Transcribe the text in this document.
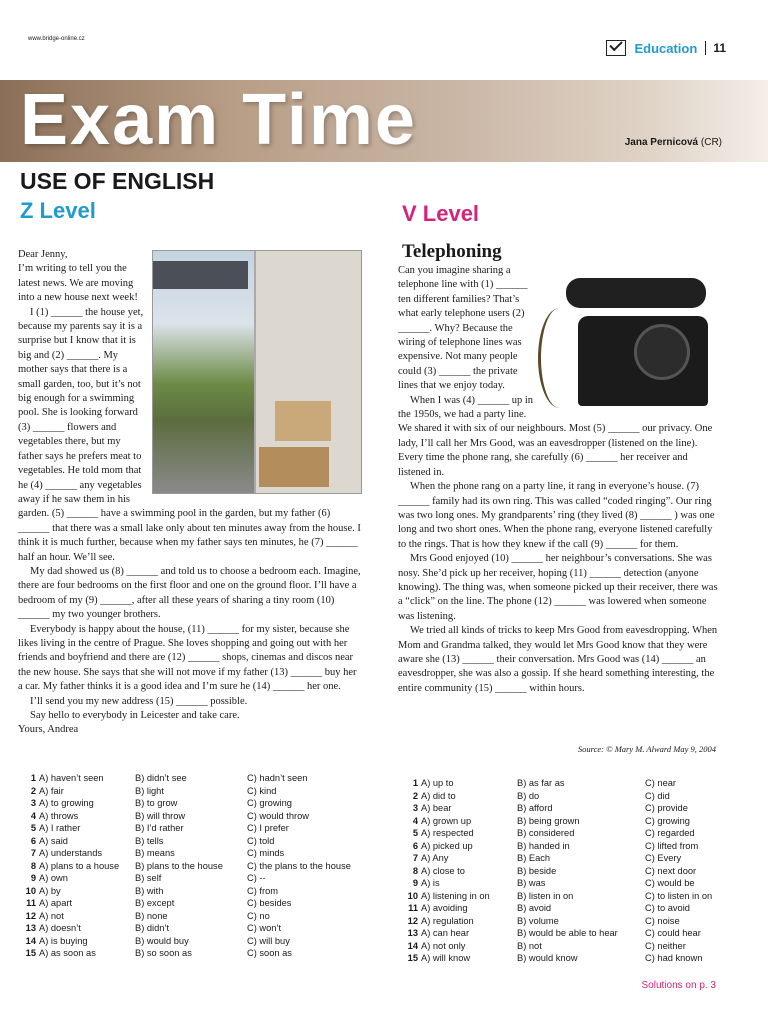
www.bridge-online.cz
Education	11
Exam Time	Jana Pernicová (CR)
USE OF ENGLISH
Z Level	V Level
Telephoning

Dear Jenny,

I’m writing to tell you the latest news. We are moving into a new house next week!

I (1) ______ the house yet, because my parents say it is a surprise but I know that it is big and (2) ______. My mother says that there is a small garden, too, but it’s not big enough for a swimming pool. She is looking forward (3) ______ flowers and vegetables there, but my father says he prefers meat to vegetables. He told mom that he (4) ______ any vegetables away if he saw them in his garden. (5) ______ have a swimming pool in the garden, but my father (6) ______ that there was a small lake only about ten minutes away from the house. I think it is much further, because when my father says ten minutes, he (7) ______ half an hour. We’ll see.

My dad showed us (8) ______ and told us to choose a bedroom each. Imagine, there are four bedrooms on the first floor and one on the ground floor. I’ll have a bedroom of my (9) ______, after all these years of sharing a tiny room (10) ______ my two younger brothers.

Everybody is happy about the house, (11) ______ for my sister, because she likes living in the centre of Prague. She loves shopping and going out with her friends and boyfriend and there are (12) ______ shops, cinemas and discos near the new house. She says that she will not move if my father (13) ______ buy her a car. My father thinks it is a good idea and I’m sure he (14) ______ her one.

I’ll send you my new address (15) ______ possible.

Say hello to everybody in Leicester and take care.

Yours, Andrea

Can you imagine sharing a telephone line with (1) ______ ten different families? That’s what early telephone users (2) ______. Why? Because the wiring of telephone lines was expensive. Not many people could (3) ______ the private lines that we enjoy today.

When I was (4) ______ up in the 1950s, we had a party line. We shared it with six of our neighbours. Most (5) ______ our privacy. One lady, I’ll call her Mrs Good, was an eavesdropper (listened on the line). Every time the phone rang, she carefully (6) ______ her receiver and listened in.

When the phone rang on a party line, it rang in everyone’s house. (7) ______ family had its own ring. This was called “coded ringing”. Our ring was two long ones. My grandparents’ ring (they lived (8) ______ ) was one long and two short ones. When the phone rang, everyone listened carefully to the rings. That is how they knew if the call (9) ______ for them.

Mrs Good enjoyed (10) ______ her neighbour’s conversations. She was nosy. She’d pick up her receiver, hoping (11) ______ detection (anyone knowing). The thing was, when someone picked up their receiver, there was a “click” on the line. The phone (12) ______ was lowered when someone was listening.

We tried all kinds of tricks to keep Mrs Good from eavesdropping. When Mom and Grandma talked, they would let Mrs Good know that they were aware she (13) ______ their conversation. Mrs Good was (14) ______ an eavesdropper, she was also a gossip. If she heard something interesting, the entire community (15) ______ within hours.

Source: © Mary M. Alward May 9, 2004
1	A) haven’t seen	B) didn’t see	C) hadn’t seen
2	A) fair	B) light	C) kind
3	A) to growing	B) to grow	C) growing
4	A) throws	B) will throw	C) would throw
5	A) I rather	B) I’d rather	C) I prefer
6	A) said	B) tells	C) told
7	A) understands	B) means	C) minds
8	A) plans to a house	B) plans to the house	C) the plans to the house
9	A) own	B) self	C) --
10	A) by	B) with	C) from
11	A) apart	B) except	C) besides
12	A) not	B) none	C) no
13	A) doesn’t	B) didn’t	C) won’t
14	A) is buying	B) would buy	C) will buy
15	A) as soon as	B) so soon as	C) soon as
1	A) up to	B) as far as	C) near
2	A) did to	B) do	C) did
3	A) bear	B) afford	C) provide
4	A) grown up	B) being grown	C) growing
5	A) respected	B) considered	C) regarded
6	A) picked up	B) handed in	C) lifted from
7	A) Any	B) Each	C) Every
8	A) close to	B) beside	C) next door
9	A) is	B) was	C) would be
10	A) listening in on	B) listen in on	C) to listen in on
11	A) avoiding	B) avoid	C) to avoid
12	A) regulation	B) volume	C) noise
13	A) can hear	B) would be able to hear	C) could hear
14	A) not only	B) not	C) neither
15	A) will know	B) would know	C) had known
Solutions on p. 3
